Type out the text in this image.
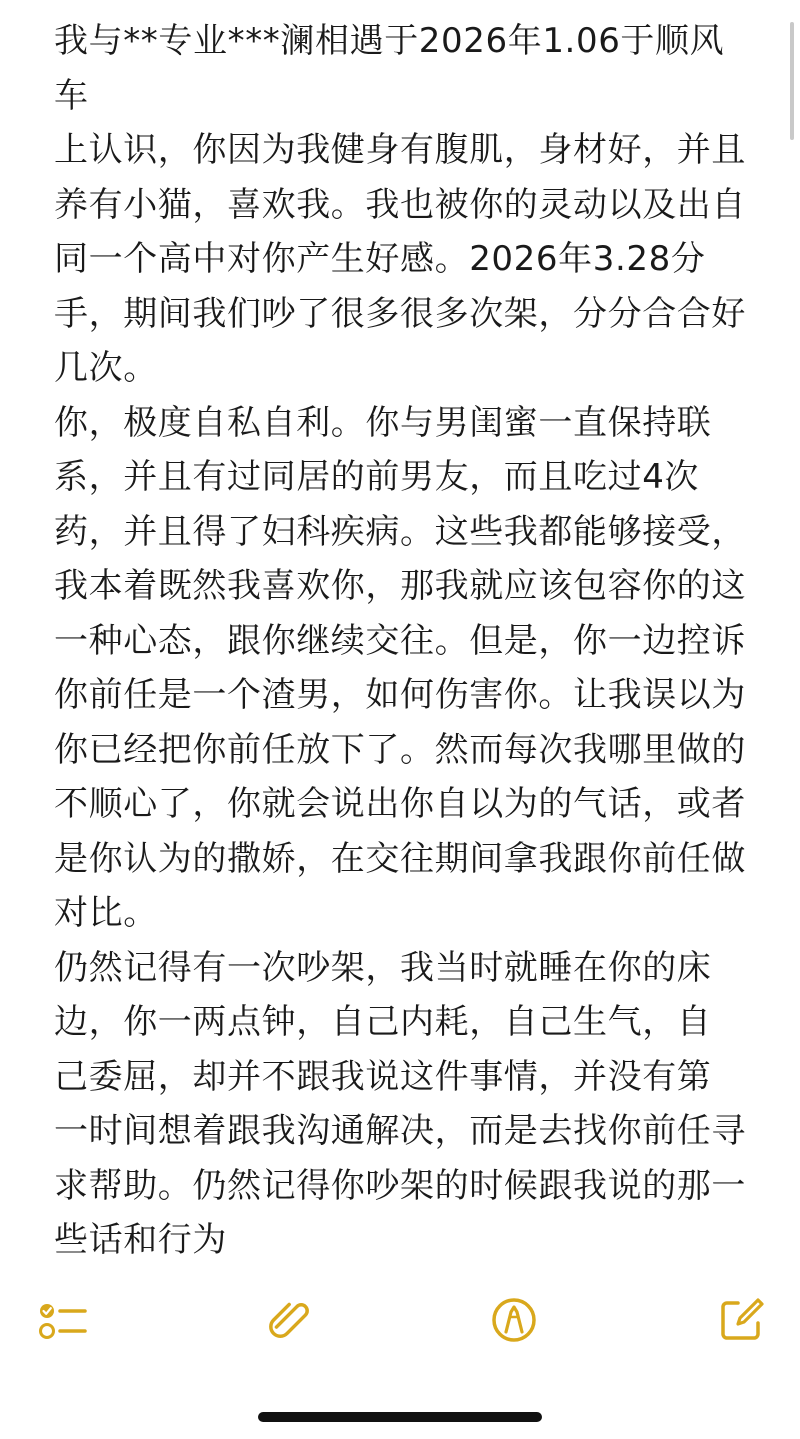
我与**专业***澜相遇于2026年1.06于顺风车
上认识，你因为我健身有腹肌，身材好，并且
养有小猫，喜欢我。我也被你的灵动以及出自
同一个高中对你产生好感。2026年3.28分
手，期间我们吵了很多很多次架，分分合合好
几次。

你，极度自私自利。你与男闺蜜一直保持联
系，并且有过同居的前男友，而且吃过4次
药，并且得了妇科疾病。这些我都能够接受，
我本着既然我喜欢你，那我就应该包容你的这
一种心态，跟你继续交往。但是，你一边控诉
你前任是一个渣男，如何伤害你。让我误以为
你已经把你前任放下了。然而每次我哪里做的
不顺心了，你就会说出你自以为的气话，或者
是你认为的撒娇，在交往期间拿我跟你前任做
对比。

仍然记得有一次吵架，我当时就睡在你的床
边，你一两点钟，自己内耗，自己生气，自
己委屈，却并不跟我说这件事情，并没有第
一时间想着跟我沟通解决，而是去找你前任寻
求帮助。仍然记得你吵架的时候跟我说的那一
些话和行为
